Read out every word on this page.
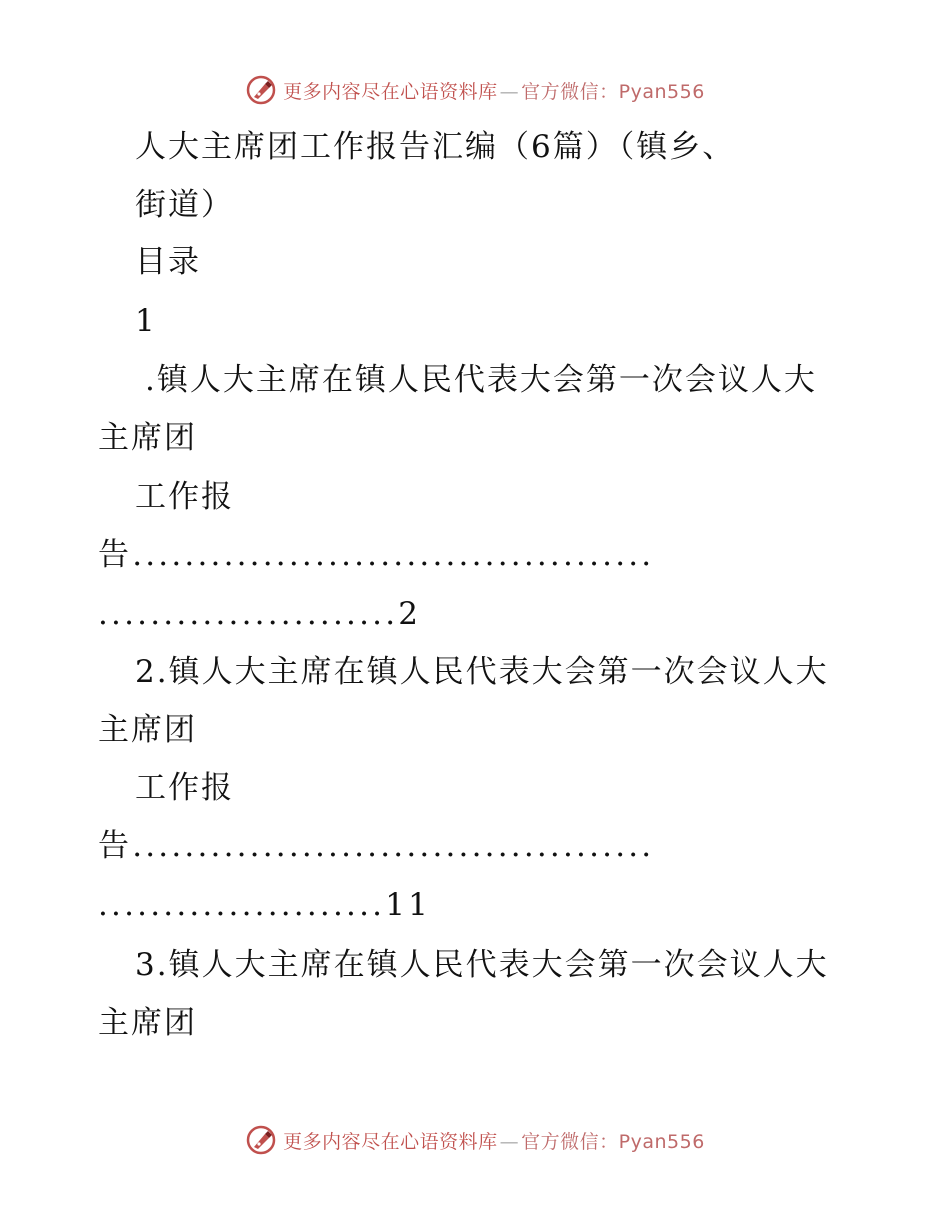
更多内容尽在心语资料库 — 官方微信：Pyan556
人大主席团工作报告汇编（6篇）（镇乡、
街道）
目录
1
.镇人大主席在镇人民代表大会第一次会议人大
主席团
工作报
告........................................
.......................2
2.镇人大主席在镇人民代表大会第一次会议人大
主席团
工作报
告........................................
......................11
3.镇人大主席在镇人民代表大会第一次会议人大
主席团
更多内容尽在心语资料库 — 官方微信：Pyan556
